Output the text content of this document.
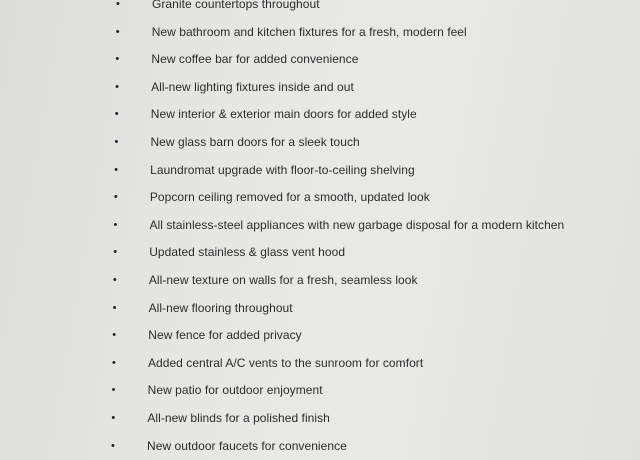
•	Granite countertops throughout
•	New bathroom and kitchen fixtures for a fresh, modern feel
•	New coffee bar for added convenience
•	All-new lighting fixtures inside and out
•	New interior & exterior main doors for added style
•	New glass barn doors for a sleek touch
•	Laundromat upgrade with floor-to-ceiling shelving
•	Popcorn ceiling removed for a smooth, updated look
•	All stainless-steel appliances with new garbage disposal for a modern kitchen
•	Updated stainless & glass vent hood
•	All-new texture on walls for a fresh, seamless look
•	All-new flooring throughout
•	New fence for added privacy
•	Added central A/C vents to the sunroom for comfort
•	New patio for outdoor enjoyment
•	All-new blinds for a polished finish
•	New outdoor faucets for convenience
